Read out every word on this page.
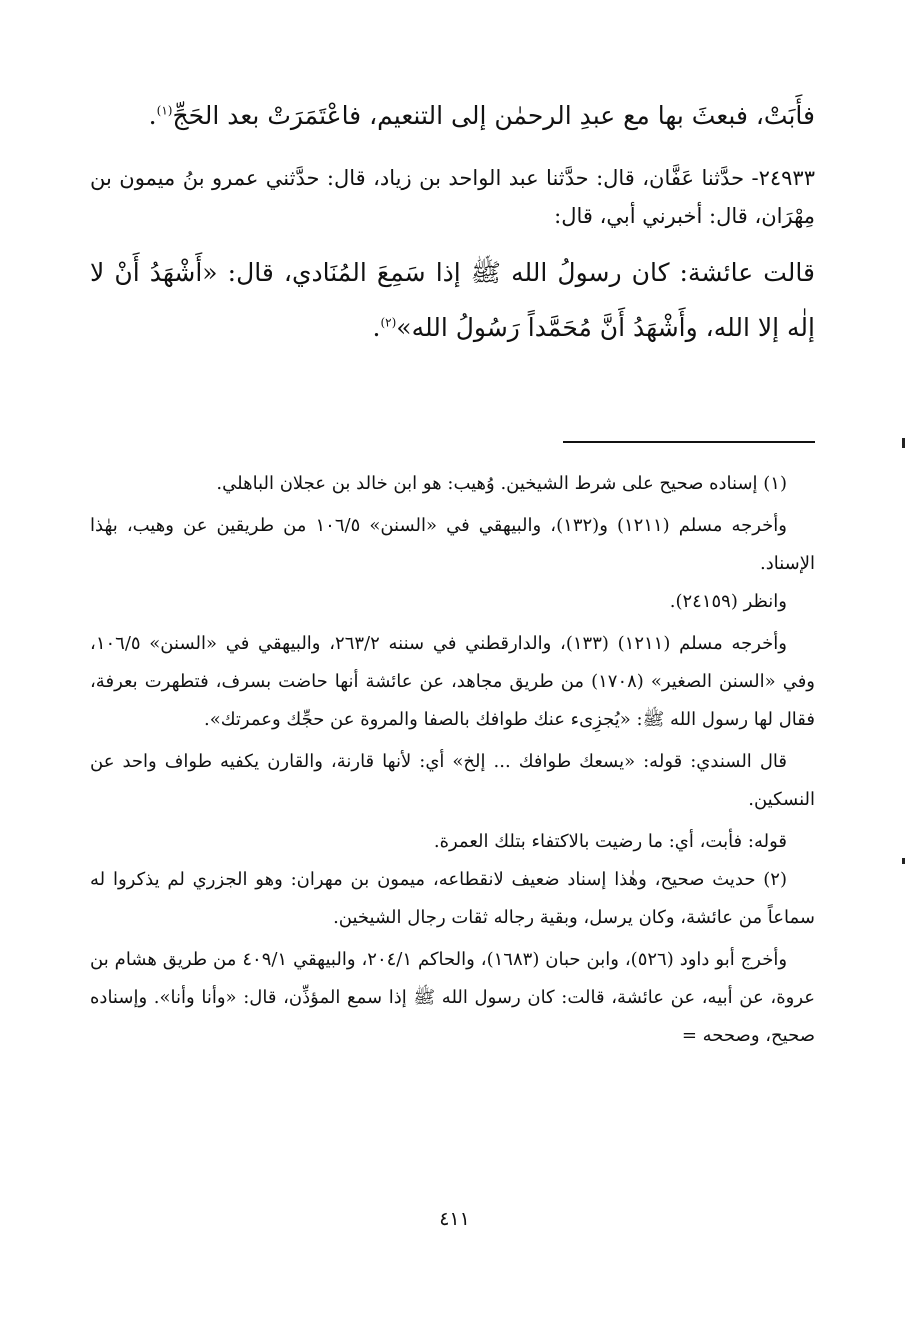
فأَبَتْ، فبعثَ بها مع عبدِ الرحمٰن إلى التنعيم، فاعْتَمَرَتْ بعد الحَجِّ$^{(١)}$.

٢٤٩٣٣- حدَّثنا عَفَّان، قال: حدَّثنا عبد الواحد بن زياد، قال: حدَّثني عمرو بنُ ميمون بن مِهْرَان، قال: أخبرني أبي، قال:

قالت عائشة: كان رسولُ الله ﷺ إذا سَمِعَ المُنَادي، قال: «أَشْهَدُ أَنْ لا إلٰه إلا الله، وأَشْهَدُ أَنَّ مُحَمَّداً رَسُولُ الله»$^{(٢)}$.

(١) إسناده صحيح على شرط الشيخين. وُهيب: هو ابن خالد بن عجلان الباهلي.

وأخرجه مسلم (١٢١١) و(١٣٢)، والبيهقي في «السنن» ١٠٦/٥ من طريقين عن وهيب، بهٰذا الإسناد.

وانظر (٢٤١٥٩).

وأخرجه مسلم (١٢١١) (١٣٣)، والدارقطني في سننه ٢٦٣/٢، والبيهقي في «السنن» ١٠٦/٥، وفي «السنن الصغير» (١٧٠٨) من طريق مجاهد، عن عائشة أنها حاضت بسرف، فتطهرت بعرفة، فقال لها رسول الله ﷺ: «يُجزِىء عنك طوافك بالصفا والمروة عن حجِّك وعمرتك».

قال السندي: قوله: «يسعك طوافك ... إلخ» أي: لأنها قارنة، والقارن يكفيه طواف واحد عن النسكين.

قوله: فأبت، أي: ما رضيت بالاكتفاء بتلك العمرة.

(٢) حديث صحيح، وهٰذا إسناد ضعيف لانقطاعه، ميمون بن مهران: وهو الجزري لم يذكروا له سماعاً من عائشة، وكان يرسل، وبقية رجاله ثقات رجال الشيخين.

وأخرج أبو داود (٥٢٦)، وابن حبان (١٦٨٣)، والحاكم ٢٠٤/١، والبيهقي ٤٠٩/١ من طريق هشام بن عروة، عن أبيه، عن عائشة، قالت: كان رسول الله ﷺ إذا سمع المؤذِّن، قال: «وأنا وأنا». وإسناده صحيح، وصححه =

٤١١
